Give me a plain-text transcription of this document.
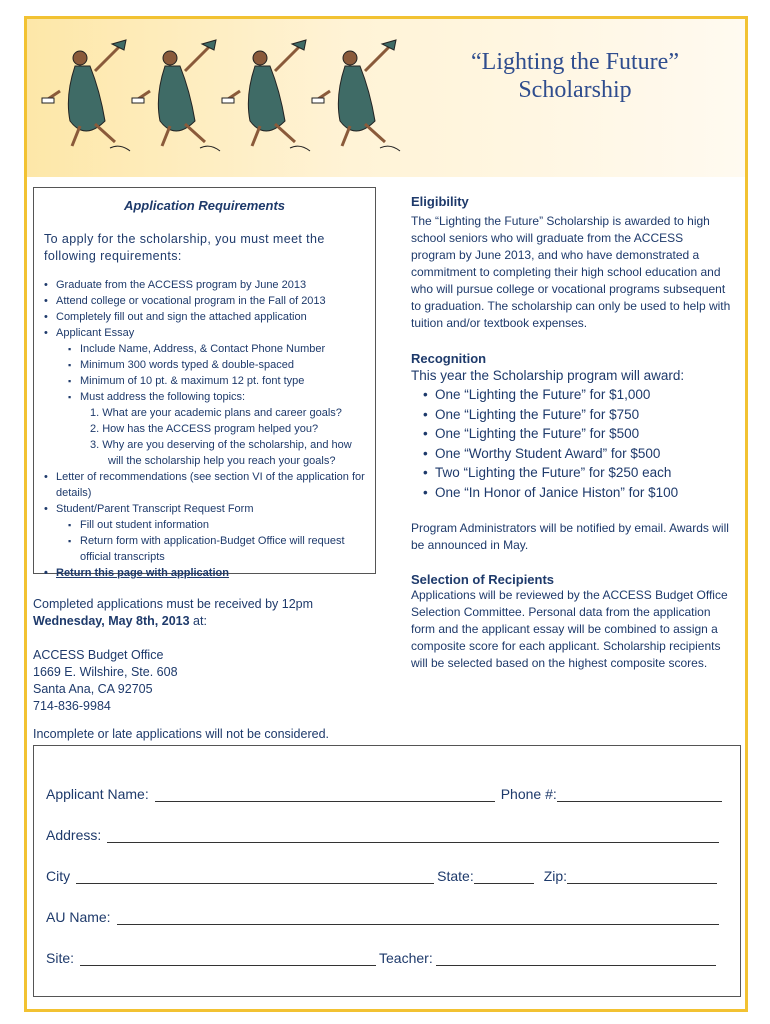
“Lighting the Future”
Scholarship
Application Requirements
To apply for the scholarship, you must meet the following requirements:
• Graduate from the ACCESS program by June 2013
• Attend college or vocational program in the Fall of 2013
• Completely fill out and sign the attached application
• Applicant Essay
▪ Include Name, Address, & Contact Phone Number
▪ Minimum 300 words typed & double-spaced
▪ Minimum of 10 pt. & maximum 12 pt. font type
▪ Must address the following topics:
1. What are your academic plans and career goals?
2. How has the ACCESS program helped you?
3. Why are you deserving of the scholarship, and how will the scholarship help you reach your goals?
• Letter of recommendations (see section VI of the application for details)
• Student/Parent Transcript Request Form
▪ Fill out student information
▪ Return form with application-Budget Office will request official transcripts
• Return this page with application
Completed applications must be received by 12pm
Wednesday, May 8th, 2013 at:
ACCESS Budget Office
1669 E. Wilshire, Ste. 608
Santa Ana, CA 92705
714-836-9984
Incomplete or late applications will not be considered.
Eligibility
The “Lighting the Future” Scholarship is awarded to high school seniors who will graduate from the ACCESS program by June 2013, and who have demonstrated a commitment to completing their high school education and who will pursue college or vocational programs subsequent to graduation. The scholarship can only be used to help with tuition and/or textbook expenses.
Recognition
This year the Scholarship program will award:
• One “Lighting the Future” for $1,000
• One “Lighting the Future” for $750
• One “Lighting the Future” for $500
• One “Worthy Student Award” for $500
• Two “Lighting the Future” for $250 each
• One “In Honor of Janice Histon” for $100
Program Administrators will be notified by email. Awards will be announced in May.
Selection of Recipients
Applications will be reviewed by the ACCESS Budget Office Selection Committee. Personal data from the application form and the applicant essay will be combined to assign a composite score for each applicant. Scholarship recipients will be selected based on the highest composite scores.
Applicant Name:	Phone #:
Address:
City	State:	Zip:
AU Name:
Site:	Teacher:
